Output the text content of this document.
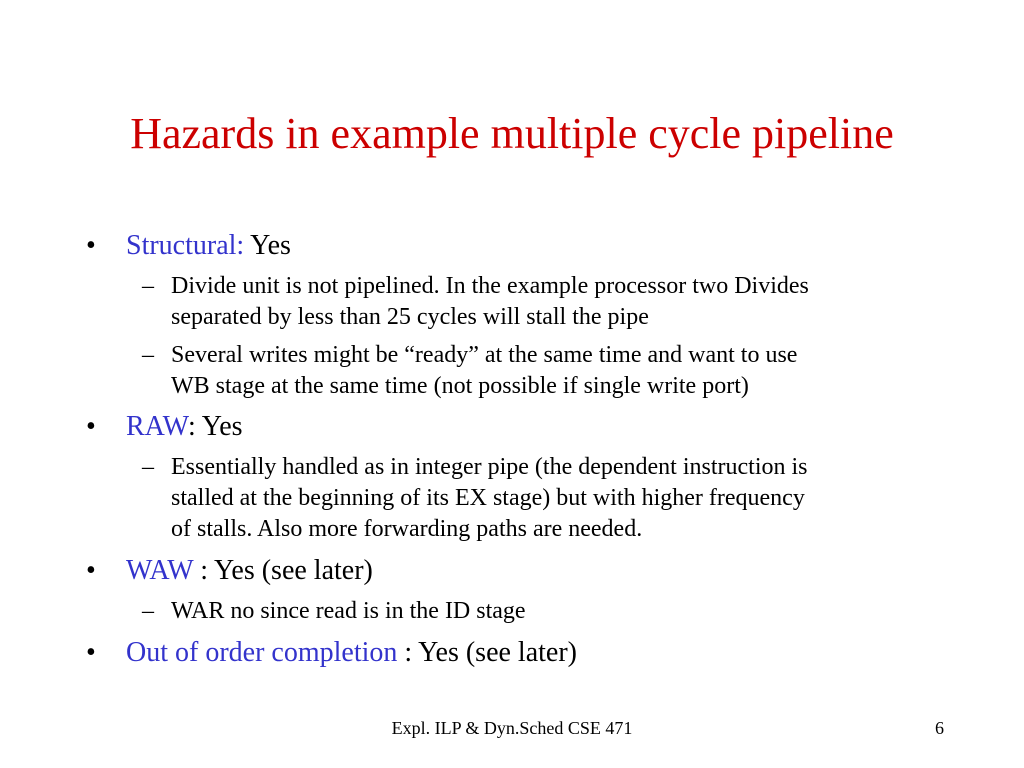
Hazards in example multiple cycle pipeline
•	Structural: Yes
– Divide unit is not pipelined. In the example processor two Divides
separated by less than 25 cycles will stall the pipe
– Several writes might be “ready” at the same time and want to use
WB stage at the same time (not possible if single write port)
•	RAW: Yes
– Essentially handled as in integer pipe (the dependent instruction is
stalled at the beginning of its EX stage) but with higher frequency
of stalls. Also more forwarding paths are needed.
•	WAW : Yes (see later)
– WAR no since read is in the ID stage
•	Out of order completion : Yes (see later)
Expl. ILP & Dyn.Sched CSE 471	6
